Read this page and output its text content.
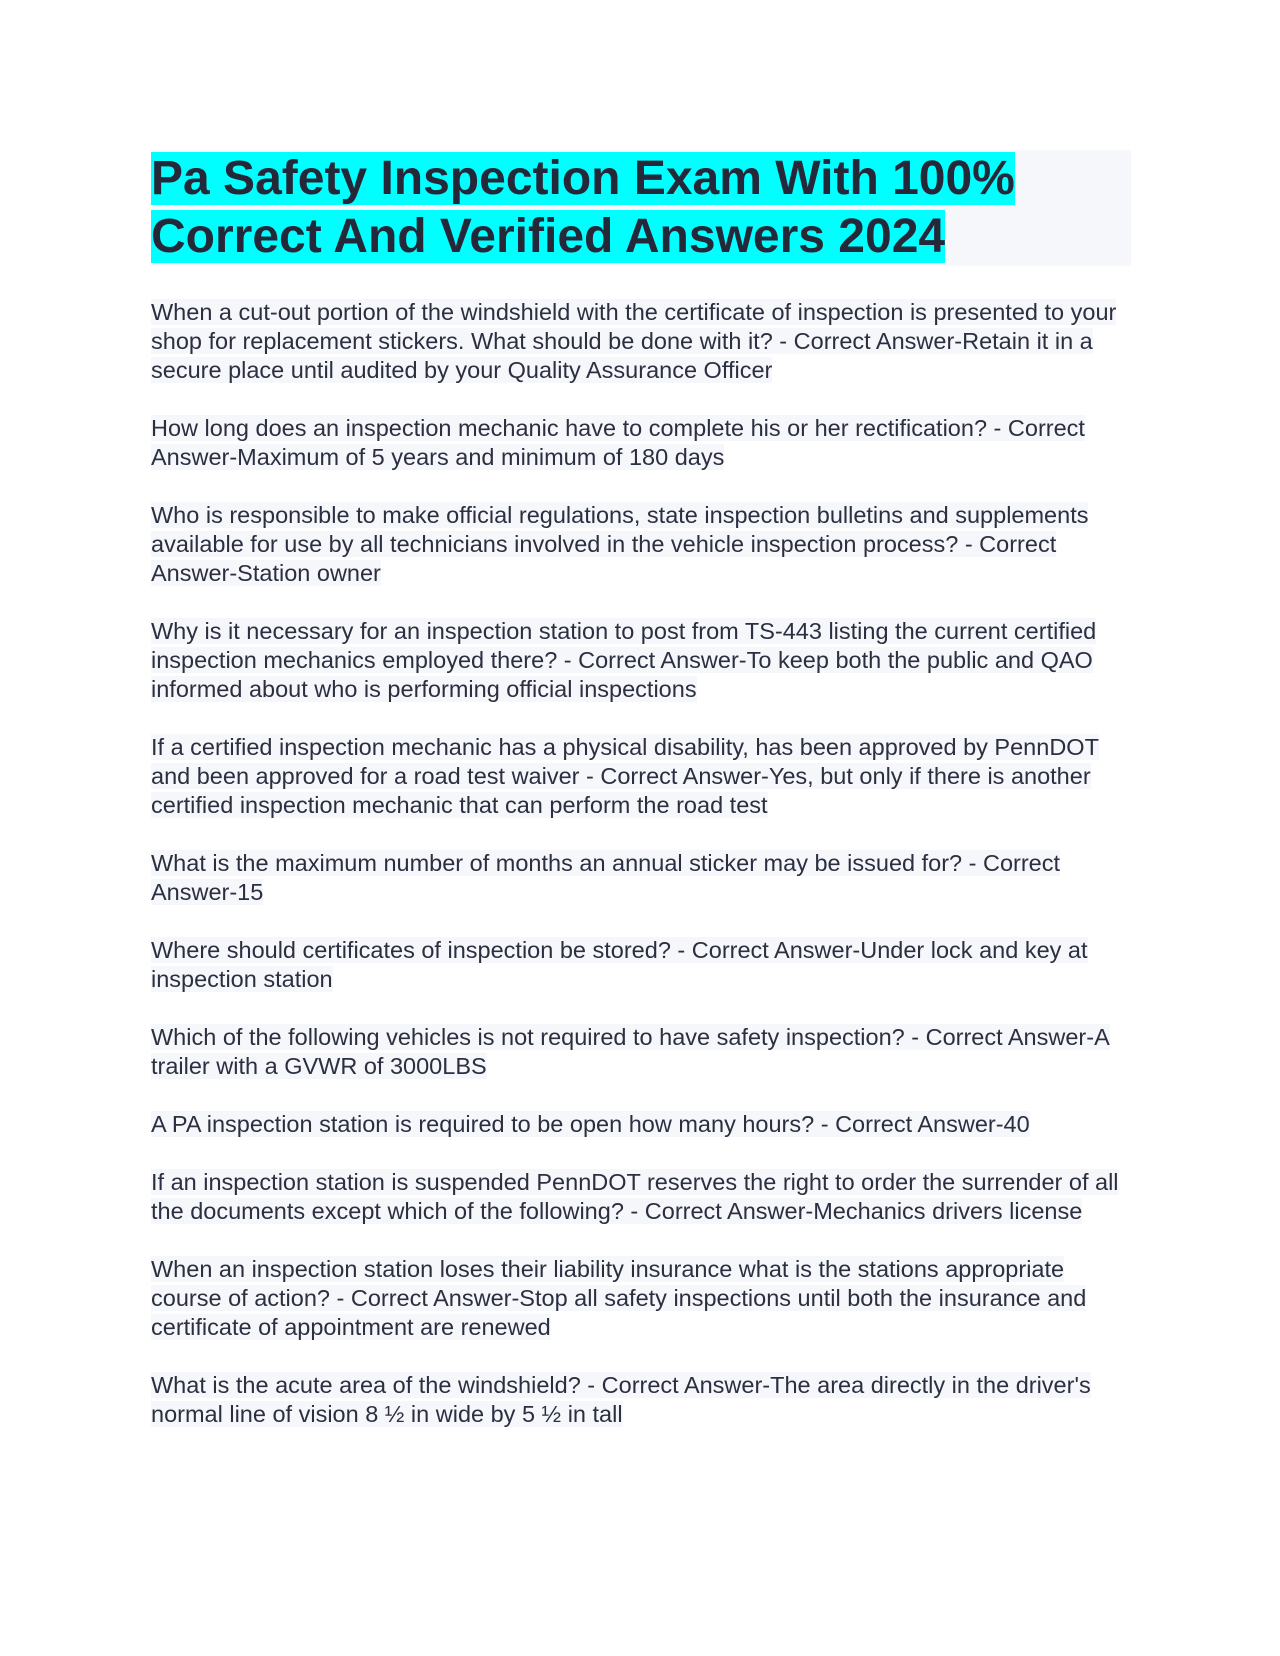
Pa Safety Inspection Exam With 100%
Correct And Verified Answers 2024

When a cut-out portion of the windshield with the certificate of inspection is presented to your shop for replacement stickers. What should be done with it? - Correct Answer-Retain it in a secure place until audited by your Quality Assurance Officer

How long does an inspection mechanic have to complete his or her rectification? - Correct Answer-Maximum of 5 years and minimum of 180 days

Who is responsible to make official regulations, state inspection bulletins and supplements available for use by all technicians involved in the vehicle inspection process? - Correct Answer-Station owner

Why is it necessary for an inspection station to post from TS-443 listing the current certified inspection mechanics employed there? - Correct Answer-To keep both the public and QAO informed about who is performing official inspections

If a certified inspection mechanic has a physical disability, has been approved by PennDOT and been approved for a road test waiver - Correct Answer-Yes, but only if there is another certified inspection mechanic that can perform the road test

What is the maximum number of months an annual sticker may be issued for? - Correct Answer-15

Where should certificates of inspection be stored? - Correct Answer-Under lock and key at inspection station

Which of the following vehicles is not required to have safety inspection? - Correct Answer-A trailer with a GVWR of 3000LBS

A PA inspection station is required to be open how many hours? - Correct Answer-40

If an inspection station is suspended PennDOT reserves the right to order the surrender of all the documents except which of the following? - Correct Answer-Mechanics drivers license

When an inspection station loses their liability insurance what is the stations appropriate course of action? - Correct Answer-Stop all safety inspections until both the insurance and certificate of appointment are renewed

What is the acute area of the windshield? - Correct Answer-The area directly in the driver's normal line of vision 8 ½ in wide by 5 ½ in tall
